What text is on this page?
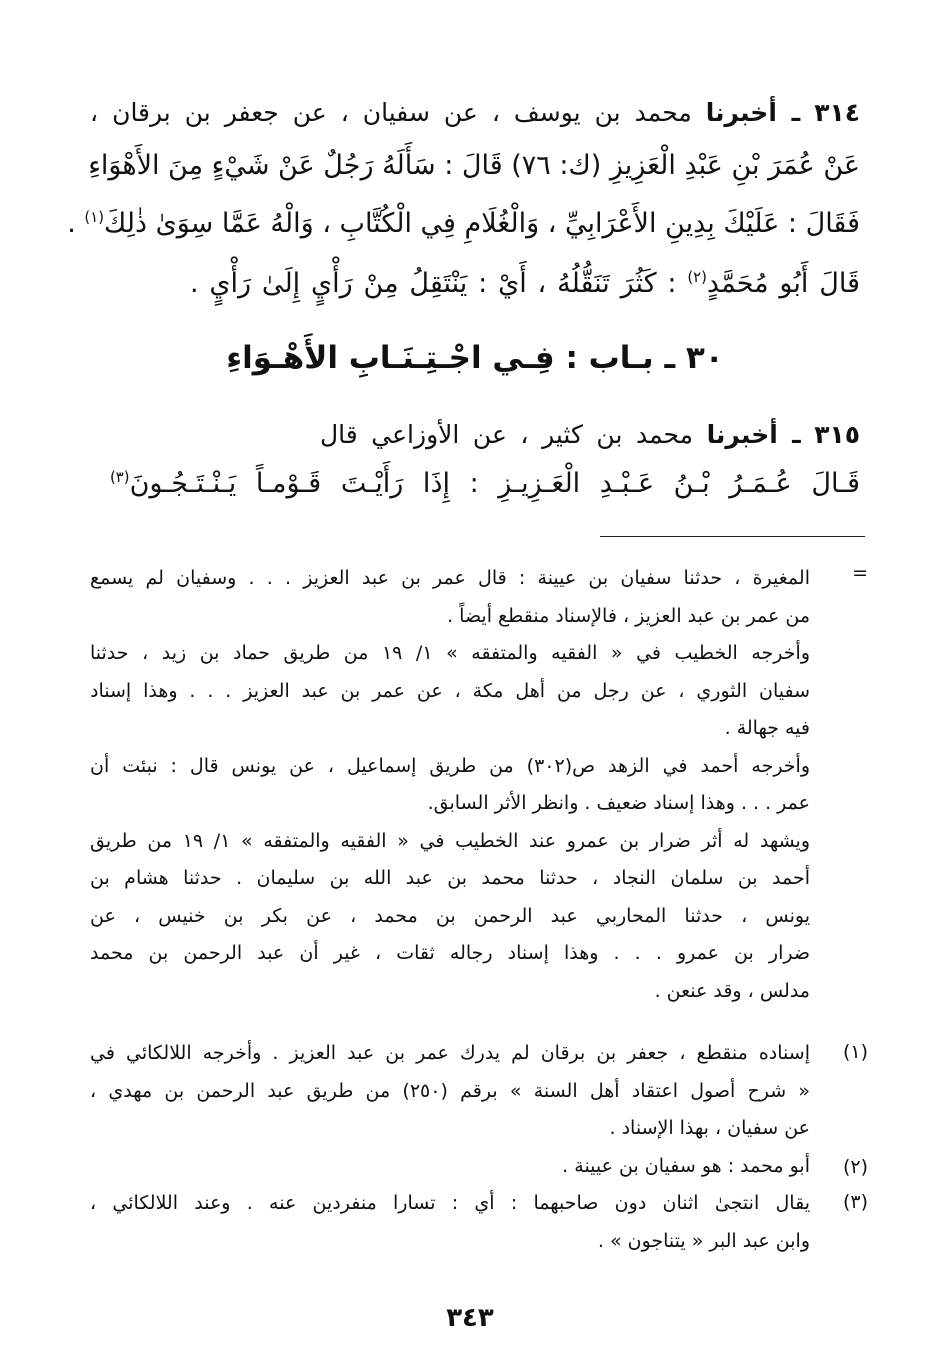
٣١٤ ـ أخبرنا محمد بن يوسف ، عن سفيان ، عن جعفر بن برقان ،
عَنْ عُمَرَ بْنِ عَبْدِ الْعَزِيزِ (ك: ٧٦) قَالَ : سَأَلَهُ رَجُلٌ عَنْ شَيْءٍ مِنَ الأَهْوَاءِ
فَقَالَ : عَلَيْكَ بِدِينِ الأَعْرَابِيِّ ، وَالْغُلَامِ فِي الْكُتَّابِ ، وَالْهُ عَمَّا سِوَىٰ ذٰلِكَ$^{(١)}$ .
قَالَ أَبُو مُحَمَّدٍ$^{(٢)}$ : كَثُرَ تَنَقُّلُهُ ، أَيْ : يَنْتَقِلُ مِنْ رَأْيٍ إِلَىٰ رَأْيٍ .
٣٠ ـ بـاب : فِـي اجْـتِـنَـابِ الأَهْـوَاءِ
٣١٥ ـ أخبرنا محمد بن كثير ، عن الأوزاعي قال
قَـالَ عُـمَـرُ بْـنُ عَـبْـدِ الْعَـزِيـزِ : إِذَا رَأَيْـتَ قَـوْمـاً يَـنْـتَـجُـونَ$^{(٣)}$
=
المغيرة ، حدثنا سفيان بن عيينة : قال عمر بن عبد العزيز . . . وسفيان لم يسمع
من عمر بن عبد العزيز ، فالإسناد منقطع أيضاً .
وأخرجه الخطيب في « الفقيه والمتفقه » ١/ ١٩ من طريق حماد بن زيد ، حدثنا
سفيان الثوري ، عن رجل من أهل مكة ، عن عمر بن عبد العزيز . . . وهذا إسناد
فيه جهالة .
وأخرجه أحمد في الزهد ص(٣٠٢) من طريق إسماعيل ، عن يونس قال : نبئت أن
عمر . . . وهذا إسناد ضعيف . وانظر الأثر السابق.
ويشهد له أثر ضرار بن عمرو عند الخطيب في « الفقيه والمتفقه » ١/ ١٩ من طريق
أحمد بن سلمان النجاد ، حدثنا محمد بن عبد الله بن سليمان . حدثنا هشام بن
يونس ، حدثنا المحاربي عبد الرحمن بن محمد ، عن بكر بن خنيس ، عن
ضرار بن عمرو . . . وهذا إسناد رجاله ثقات ، غير أن عبد الرحمن بن محمد
مدلس ، وقد عنعن .
(١)
إسناده منقطع ، جعفر بن برقان لم يدرك عمر بن عبد العزيز . وأخرجه اللالكائي في
« شرح أصول اعتقاد أهل السنة » برقم (٢٥٠) من طريق عبد الرحمن بن مهدي ،
عن سفيان ، بهذا الإسناد .
(٢)
أبو محمد : هو سفيان بن عيينة .
(٣)
يقال انتجىٰ اثنان دون صاحبهما : أي : تسارا منفردين عنه . وعند اللالكائي ،
وابن عبد البر « يتناجون » .
٣٤٣
